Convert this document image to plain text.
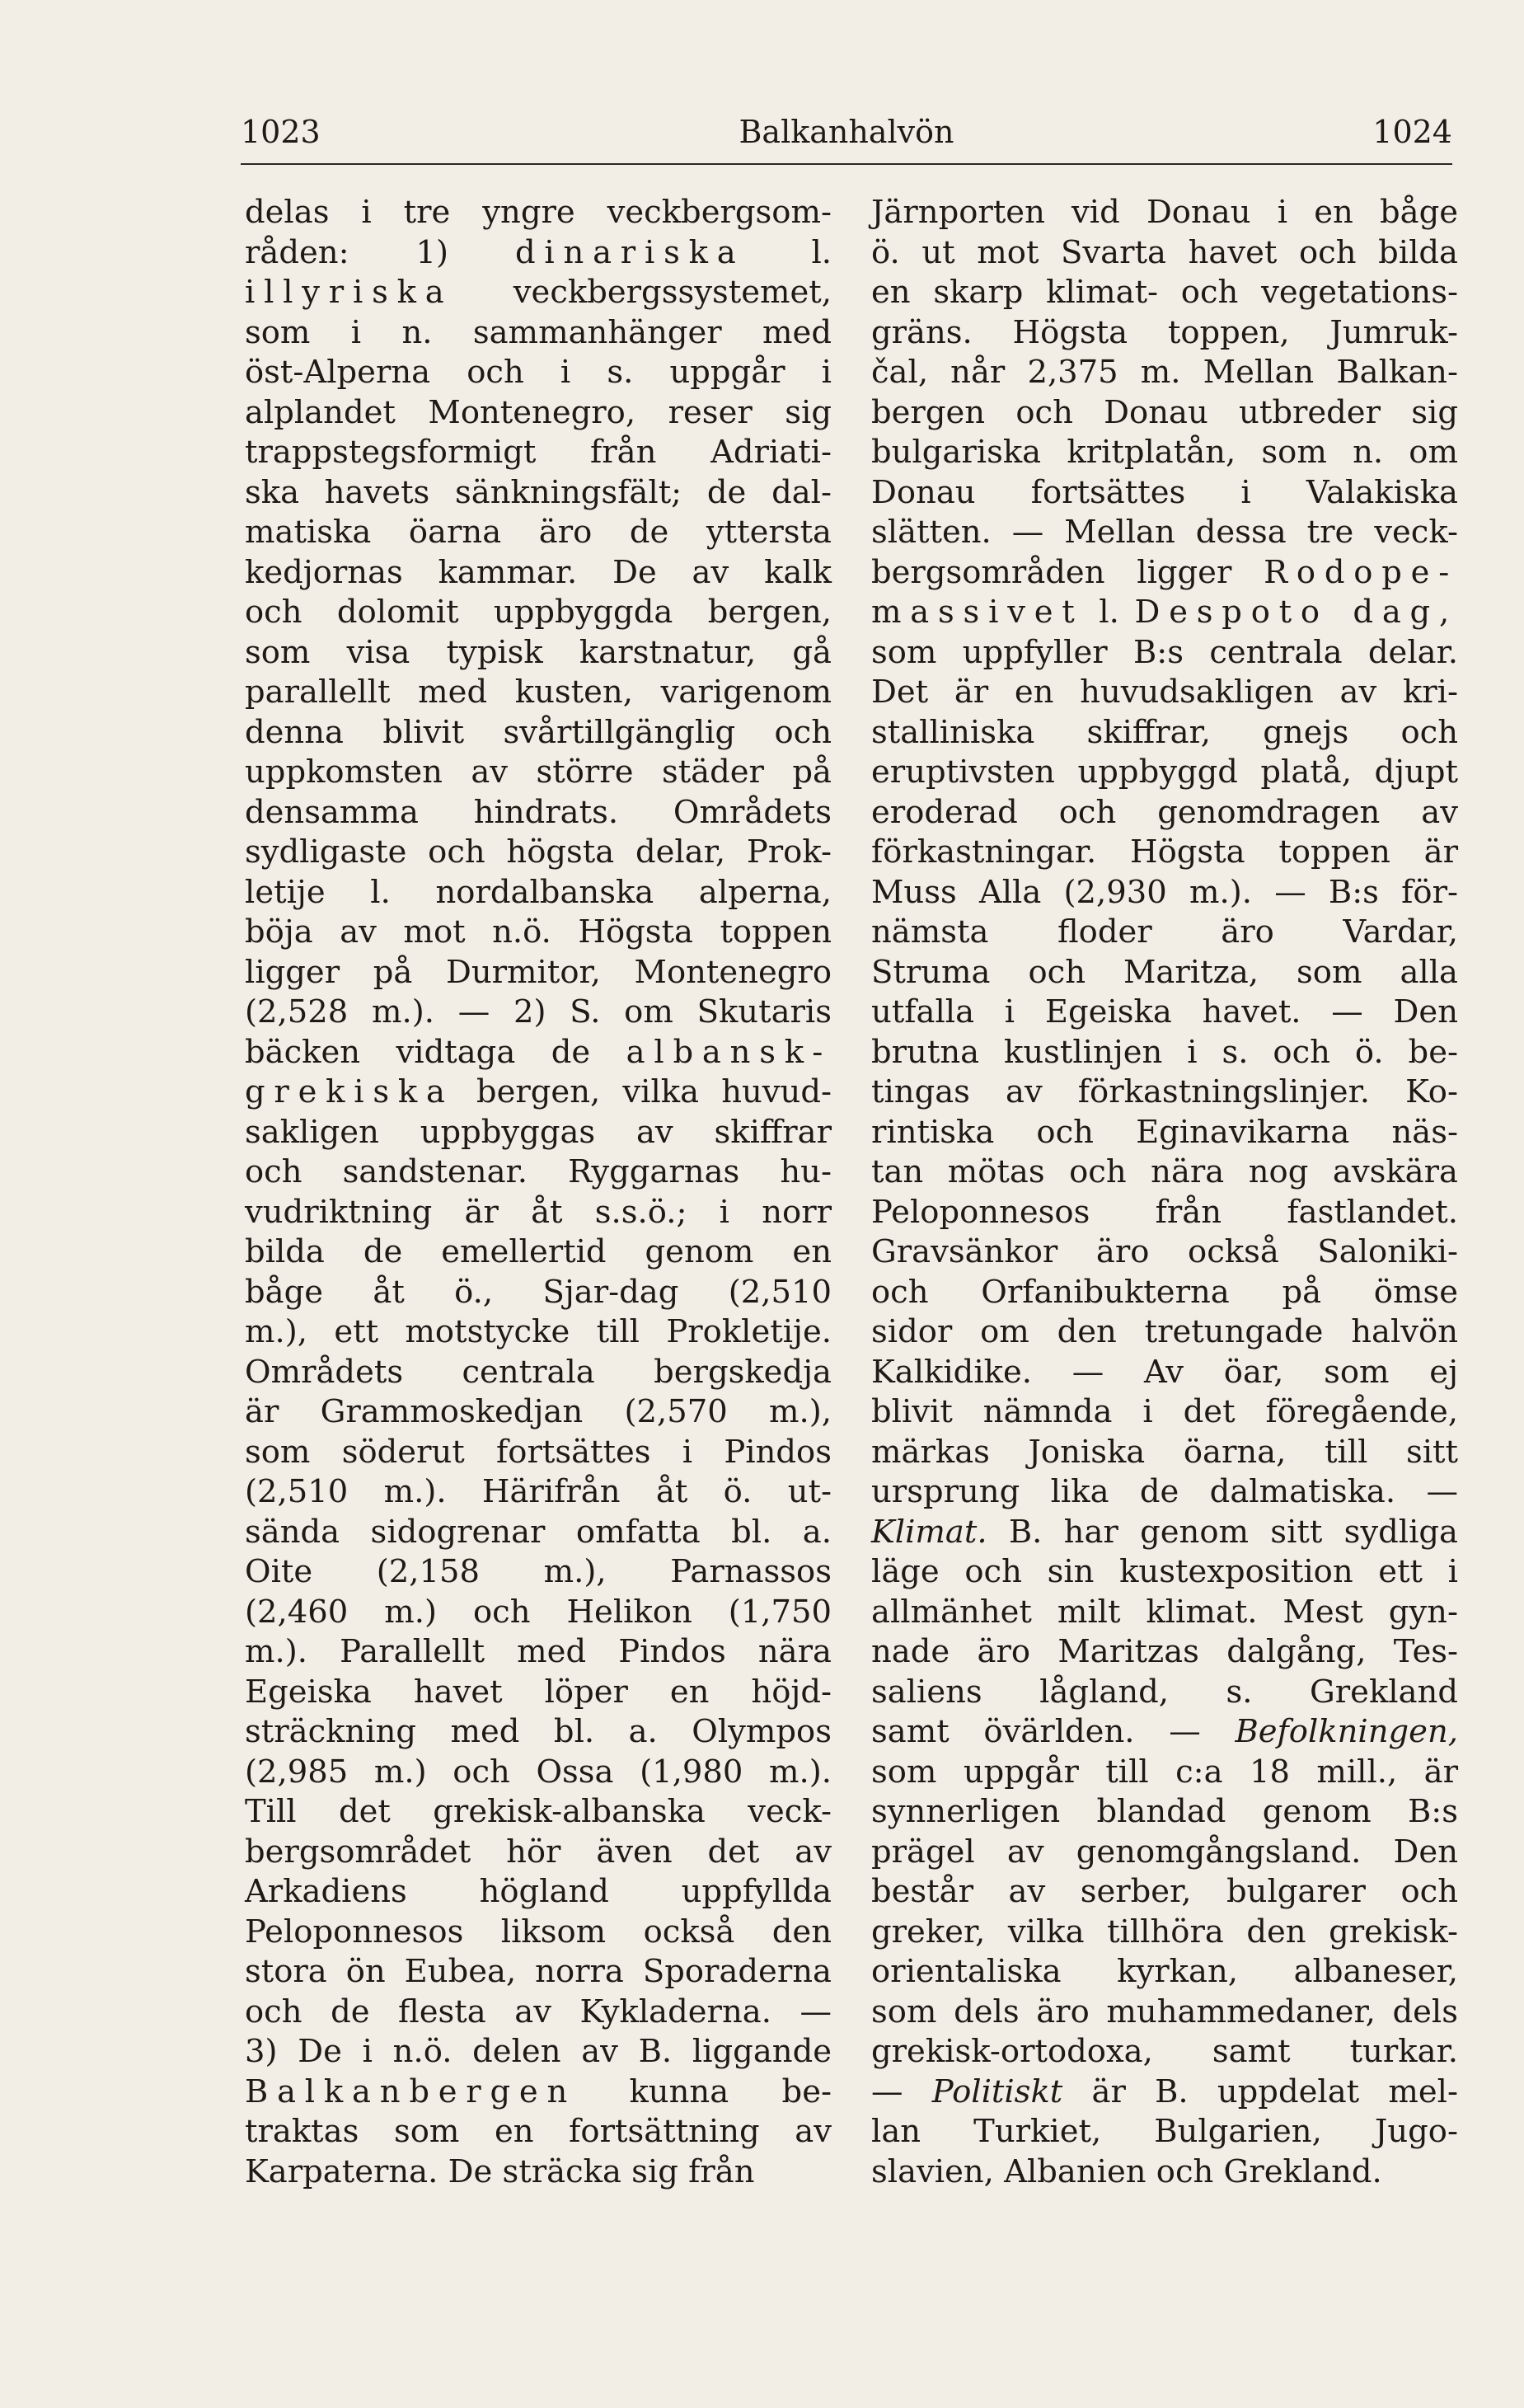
1023	Balkanhalvön	1024
delas i tre yngre veckbergsom-
råden: 1) dinariska l.
illyriska veckbergssystemet,
som i n. sammanhänger med
öst-Alperna och i s. uppgår i
alplandet Montenegro, reser sig
trappstegsformigt från Adriati-
ska havets sänkningsfält; de dal-
matiska öarna äro de yttersta
kedjornas kammar. De av kalk
och dolomit uppbyggda bergen,
som visa typisk karstnatur, gå
parallellt med kusten, varigenom
denna blivit svårtillgänglig och
uppkomsten av större städer på
densamma hindrats. Områdets
sydligaste och högsta delar, Prok-
letije l. nordalbanska alperna,
böja av mot n.ö. Högsta toppen
ligger på Durmitor, Montenegro
(2,528 m.). — 2) S. om Skutaris
bäcken vidtaga de albansk-
grekiska bergen, vilka huvud-
sakligen uppbyggas av skiffrar
och sandstenar. Ryggarnas hu-
vudriktning är åt s.s.ö.; i norr
bilda de emellertid genom en
båge åt ö., Sjar-dag (2,510
m.), ett motstycke till Prokletije.
Områdets centrala bergskedja
är Grammoskedjan (2,570 m.),
som söderut fortsättes i Pindos
(2,510 m.). Härifrån åt ö. ut-
sända sidogrenar omfatta bl. a.
Oite (2,158 m.), Parnassos
(2,460 m.) och Helikon (1,750
m.). Parallellt med Pindos nära
Egeiska havet löper en höjd-
sträckning med bl. a. Olympos
(2,985 m.) och Ossa (1,980 m.).
Till det grekisk-albanska veck-
bergsområdet hör även det av
Arkadiens högland uppfyllda
Peloponnesos liksom också den
stora ön Eubea, norra Sporaderna
och de flesta av Kykladerna. —
3) De i n.ö. delen av B. liggande
Balkanbergen kunna be-
traktas som en fortsättning av
Karpaterna. De sträcka sig från
Järnporten vid Donau i en båge
ö. ut mot Svarta havet och bilda
en skarp klimat- och vegetations-
gräns. Högsta toppen, Jumruk-
čal, når 2,375 m. Mellan Balkan-
bergen och Donau utbreder sig
bulgariska kritplatån, som n. om
Donau fortsättes i Valakiska
slätten. — Mellan dessa tre veck-
bergsområden ligger Rodope-
massivet l. Despoto dag,
som uppfyller B:s centrala delar.
Det är en huvudsakligen av kri-
stalliniska skiffrar, gnejs och
eruptivsten uppbyggd platå, djupt
eroderad och genomdragen av
förkastningar. Högsta toppen är
Muss Alla (2,930 m.). — B:s för-
nämsta floder äro Vardar,
Struma och Maritza, som alla
utfalla i Egeiska havet. — Den
brutna kustlinjen i s. och ö. be-
tingas av förkastningslinjer. Ko-
rintiska och Eginavikarna näs-
tan mötas och nära nog avskära
Peloponnesos från fastlandet.
Gravsänkor äro också Saloniki-
och Orfanibukterna på ömse
sidor om den tretungade halvön
Kalkidike. — Av öar, som ej
blivit nämnda i det föregående,
märkas Joniska öarna, till sitt
ursprung lika de dalmatiska. —
Klimat. B. har genom sitt sydliga
läge och sin kustexposition ett i
allmänhet milt klimat. Mest gyn-
nade äro Maritzas dalgång, Tes-
saliens lågland, s. Grekland
samt övärlden. — Befolkningen,
som uppgår till c:a 18 mill., är
synnerligen blandad genom B:s
prägel av genomgångsland. Den
består av serber, bulgarer och
greker, vilka tillhöra den grekisk-
orientaliska kyrkan, albaneser,
som dels äro muhammedaner, dels
grekisk-ortodoxa, samt turkar.
— Politiskt är B. uppdelat mel-
lan Turkiet, Bulgarien, Jugo-
slavien, Albanien och Grekland.
